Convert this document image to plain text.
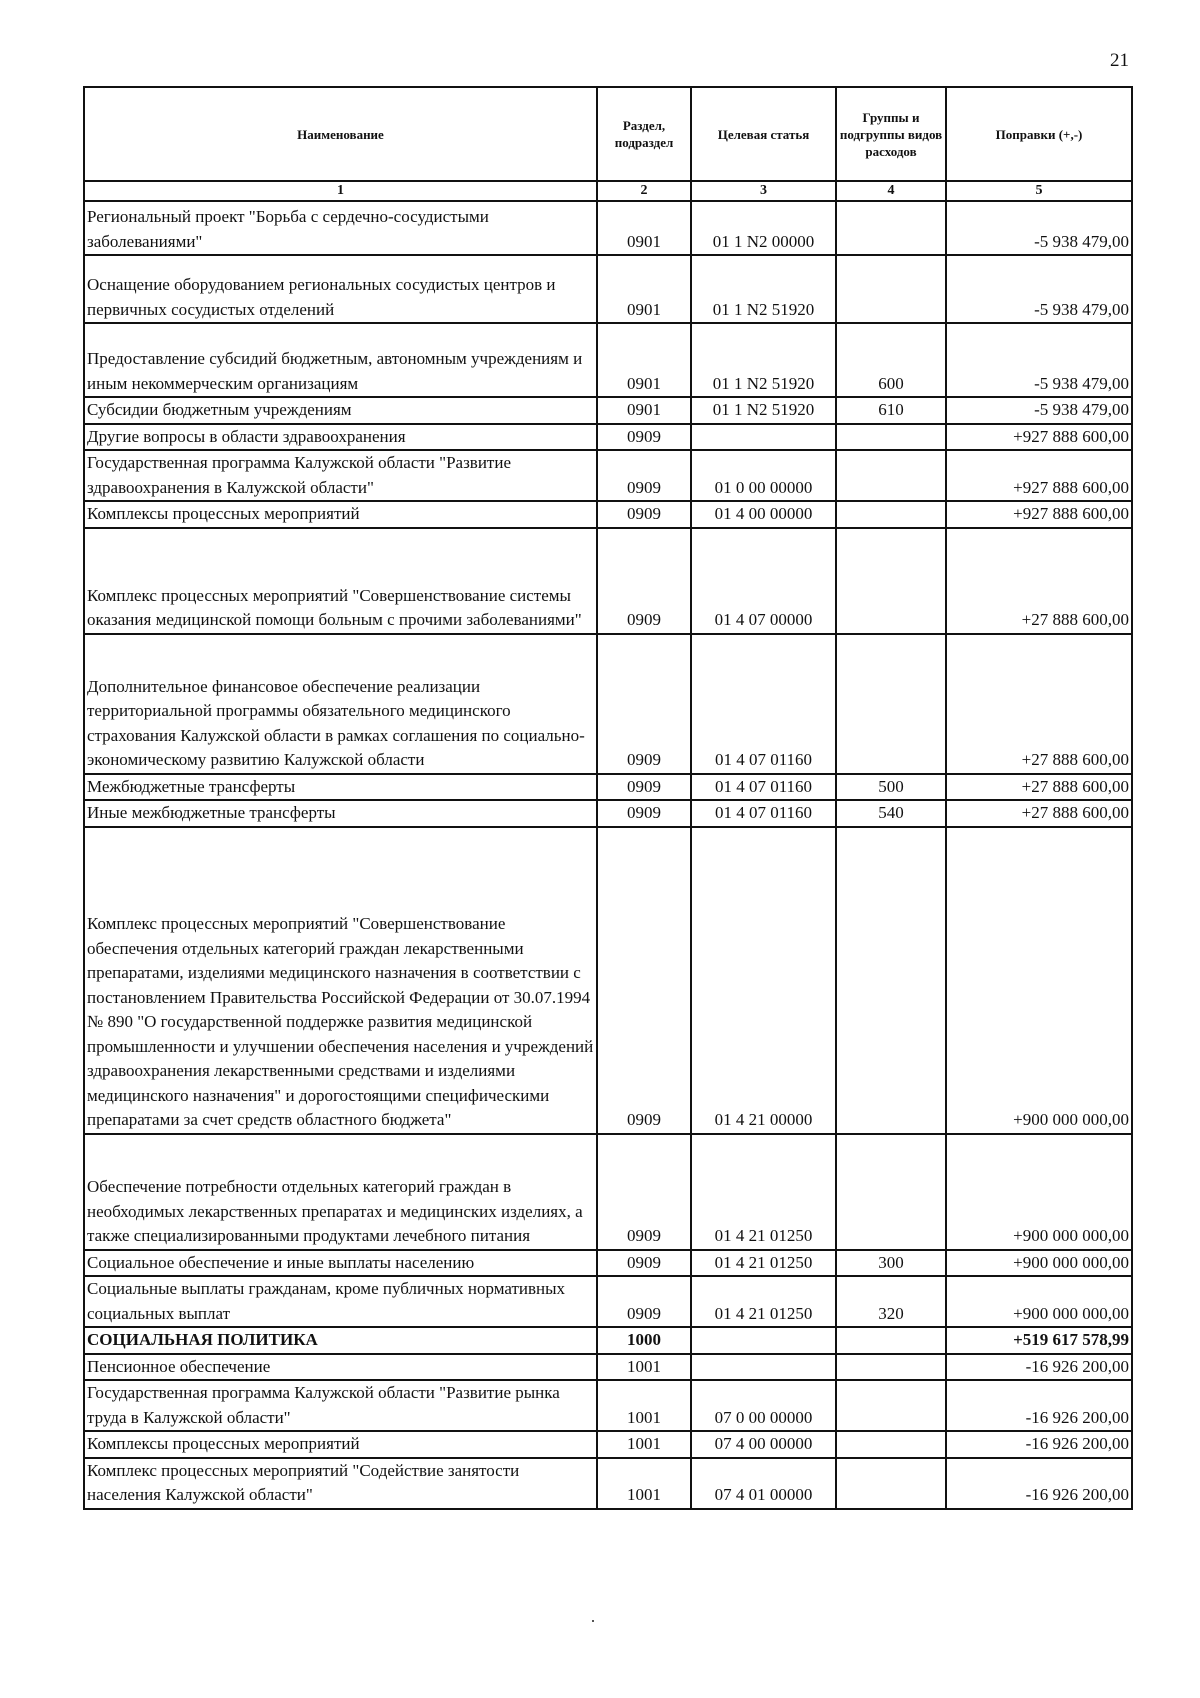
21
Наименование	Раздел, подраздел	Целевая статья	Группы и подгруппы видов расходов	Поправки (+,-)
1	2	3	4	5
Региональный проект "Борьба с сердечно-сосудистыми заболеваниями"	0901	01 1 N2 00000		-5 938 479,00
Оснащение оборудованием региональных сосудистых центров и первичных сосудистых отделений	0901	01 1 N2 51920		-5 938 479,00
Предоставление субсидий бюджетным, автономным учреждениям и иным некоммерческим организациям	0901	01 1 N2 51920	600	-5 938 479,00
Субсидии бюджетным учреждениям	0901	01 1 N2 51920	610	-5 938 479,00
Другие вопросы в области здравоохранения	0909			+927 888 600,00
Государственная программа Калужской области "Развитие здравоохранения в Калужской области"	0909	01 0 00 00000		+927 888 600,00
Комплексы процессных мероприятий	0909	01 4 00 00000		+927 888 600,00
Комплекс процессных мероприятий "Совершенствование системы оказания медицинской помощи больным с прочими заболеваниями"	0909	01 4 07 00000		+27 888 600,00
Дополнительное финансовое обеспечение реализации территориальной программы обязательного медицинского страхования Калужской области в рамках соглашения по социально-экономическому развитию Калужской области	0909	01 4 07 01160		+27 888 600,00
Межбюджетные трансферты	0909	01 4 07 01160	500	+27 888 600,00
Иные межбюджетные трансферты	0909	01 4 07 01160	540	+27 888 600,00
Комплекс процессных мероприятий "Совершенствование обеспечения отдельных категорий граждан лекарственными препаратами, изделиями медицинского назначения в соответствии с постановлением Правительства Российской Федерации от 30.07.1994 № 890 "О государственной поддержке развития медицинской промышленности и улучшении обеспечения населения и учреждений здравоохранения лекарственными средствами и изделиями медицинского назначения" и дорогостоящими специфическими препаратами за счет средств областного бюджета"	0909	01 4 21 00000		+900 000 000,00
Обеспечение потребности отдельных категорий граждан в необходимых лекарственных препаратах и медицинских изделиях, а также специализированными продуктами лечебного питания	0909	01 4 21 01250		+900 000 000,00
Социальное обеспечение и иные выплаты населению	0909	01 4 21 01250	300	+900 000 000,00
Социальные выплаты гражданам, кроме публичных нормативных социальных выплат	0909	01 4 21 01250	320	+900 000 000,00
СОЦИАЛЬНАЯ ПОЛИТИКА	1000			+519 617 578,99
Пенсионное обеспечение	1001			-16 926 200,00
Государственная программа Калужской области "Развитие рынка труда в Калужской области"	1001	07 0 00 00000		-16 926 200,00
Комплексы процессных мероприятий	1001	07 4 00 00000		-16 926 200,00
Комплекс процессных мероприятий "Содействие занятости населения Калужской области"	1001	07 4 01 00000		-16 926 200,00
